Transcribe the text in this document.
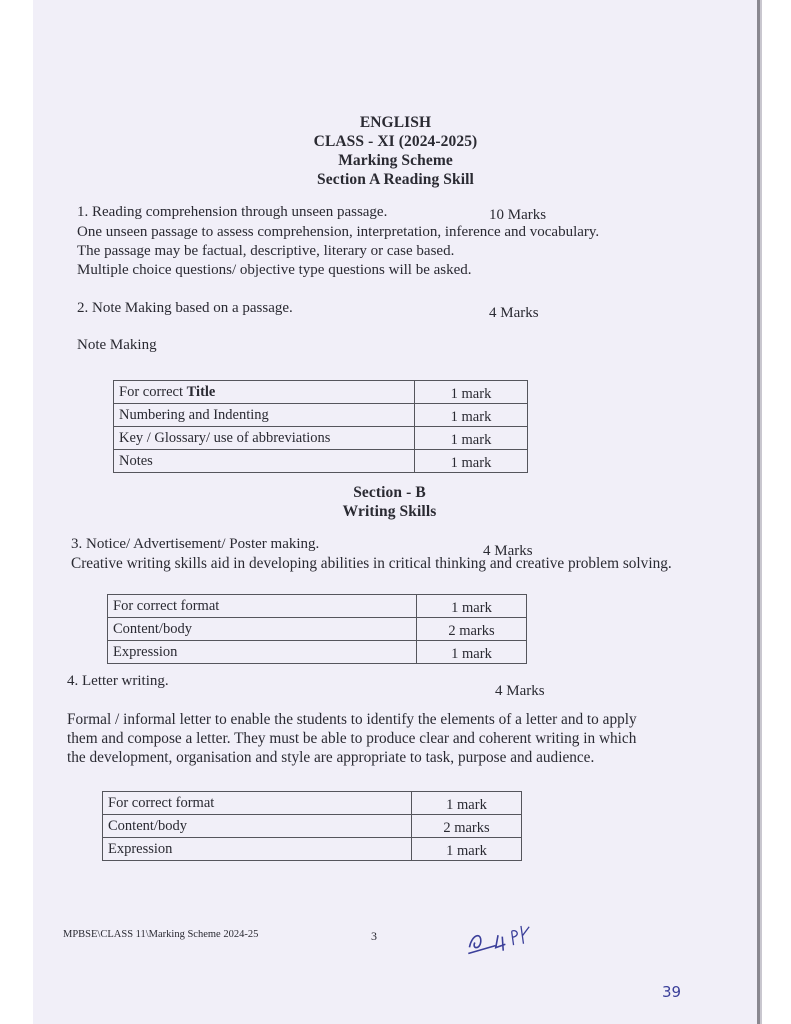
ENGLISH
CLASS - XI (2024-2025)
Marking Scheme
Section A Reading Skill
1. Reading comprehension through unseen passage.	10 Marks
One unseen passage to assess comprehension, interpretation, inference and vocabulary.
The passage may be factual, descriptive, literary or case based.
Multiple choice questions/ objective type questions will be asked.
2. Note Making based on a passage.	4 Marks
Note Making
For correct Title	1 mark
Numbering and Indenting	1 mark
Key / Glossary/ use of abbreviations	1 mark
Notes	1 mark
Section - B
Writing Skills
3. Notice/ Advertisement/ Poster making.	4 Marks
Creative writing skills aid in developing abilities in critical thinking and creative problem solving.
For correct format	1 mark
Content/body	2 marks
Expression	1 mark
4. Letter writing.
4 Marks
Formal / informal letter to enable the students to identify the elements of a letter and to apply
them and compose a letter. They must be able to produce clear and coherent writing in which
the development, organisation and style are appropriate to task, purpose and audience.
For correct format	1 mark
Content/body	2 marks
Expression	1 mark
MPBSE\CLASS 11\Marking Scheme 2024-25	3
39
